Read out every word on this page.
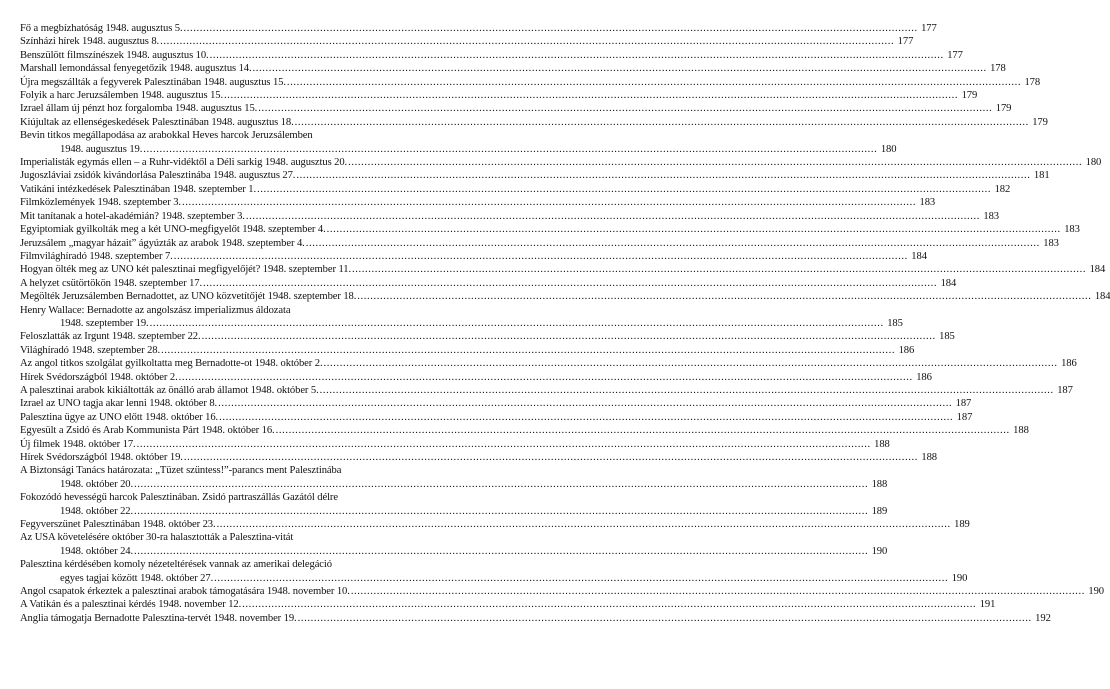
Fő a megbízhatóság 1948. augusztus 5. .....	177
Színházi hírek 1948. augusztus 8. .....	177
Benszülött filmszínészek 1948. augusztus 10. .....	177
Marshall lemondással fenyegetőzik 1948. augusztus 14. .....	178
Újra megszállták a fegyverek Palesztinában 1948. augusztus 15. .....	178
Folyik a harc Jeruzsálemben 1948. augusztus 15. .....	179
Izrael állam új pénzt hoz forgalomba 1948. augusztus 15. .....	179
Kiújultak az ellenségeskedések Palesztinában 1948. augusztus 18. .....	179
Bevin titkos megállapodása az arabokkal Heves harcok Jeruzsálemben
1948. augusztus 19. .....	180
Imperialisták egymás ellen – a Ruhr-vidéktől a Déli sarkig 1948. augusztus 20. .....	180
Jugoszláviai zsidók kivándorlása Palesztinába 1948. augusztus 27. .....	181
Vatikáni intézkedések Palesztinában 1948. szeptember 1. .....	182
Filmközlemények 1948. szeptember 3. .....	183
Mit tanítanak a hotel-akadémián? 1948. szeptember 3. .....	183
Egyiptomiak gyilkolták meg a két UNO-megfigyelőt 1948. szeptember 4. .....	183
Jeruzsálem „magyar házait” ágyúzták az arabok 1948. szeptember 4. .....	183
Filmvilághíradó 1948. szeptember 7. .....	184
Hogyan ölték meg az UNO két palesztinai megfigyelőjét? 1948. szeptember 11. .....	184
A helyzet csütörtökön 1948. szeptember 17. .....	184
Megölték Jeruzsálemben Bernadottet, az UNO közvetítőjét 1948. szeptember 18. .....	184
Henry Wallace: Bernadotte az angolszász imperializmus áldozata
1948. szeptember 19. .....	185
Feloszlatták az Irgunt 1948. szeptember 22. .....	185
Világhíradó 1948. szeptember 28. .....	186
Az angol titkos szolgálat gyilkoltatta meg Bernadotte-ot 1948. október 2. .....	186
Hírek Svédországból 1948. október 2. .....	186
A palesztinai arabok kikiáltották az önálló arab államot 1948. október 5. .....	187
Izrael az UNO tagja akar lenni 1948. október 8. .....	187
Palesztina ügye az UNO előtt 1948. október 16. .....	187
Egyesült a Zsidó és Arab Kommunista Párt 1948. október 16. .....	188
Új filmek 1948. október 17. .....	188
Hírek Svédországból 1948. október 19. .....	188
A Biztonsági Tanács határozata: „Tüzet szüntess!”-parancs ment Palesztinába
1948. október 20. .....	188
Fokozódó hevességű harcok Palesztinában. Zsidó partraszállás Gazától délre
1948. október 22. .....	189
Fegyverszünet Palesztinában 1948. október 23. .....	189
Az USA követelésére október 30-ra halasztották a Palesztina-vitát
1948. október 24. .....	190
Palesztina kérdésében komoly nézeteltérések vannak az amerikai delegáció
egyes tagjai között 1948. október 27. .....	190
Angol csapatok érkeztek a palesztinai arabok támogatására 1948. november 10. .....	190
A Vatikán és a palesztinai kérdés 1948. november 12. .....	191
Anglia támogatja Bernadotte Palesztina-tervét 1948. november 19. .....	192
